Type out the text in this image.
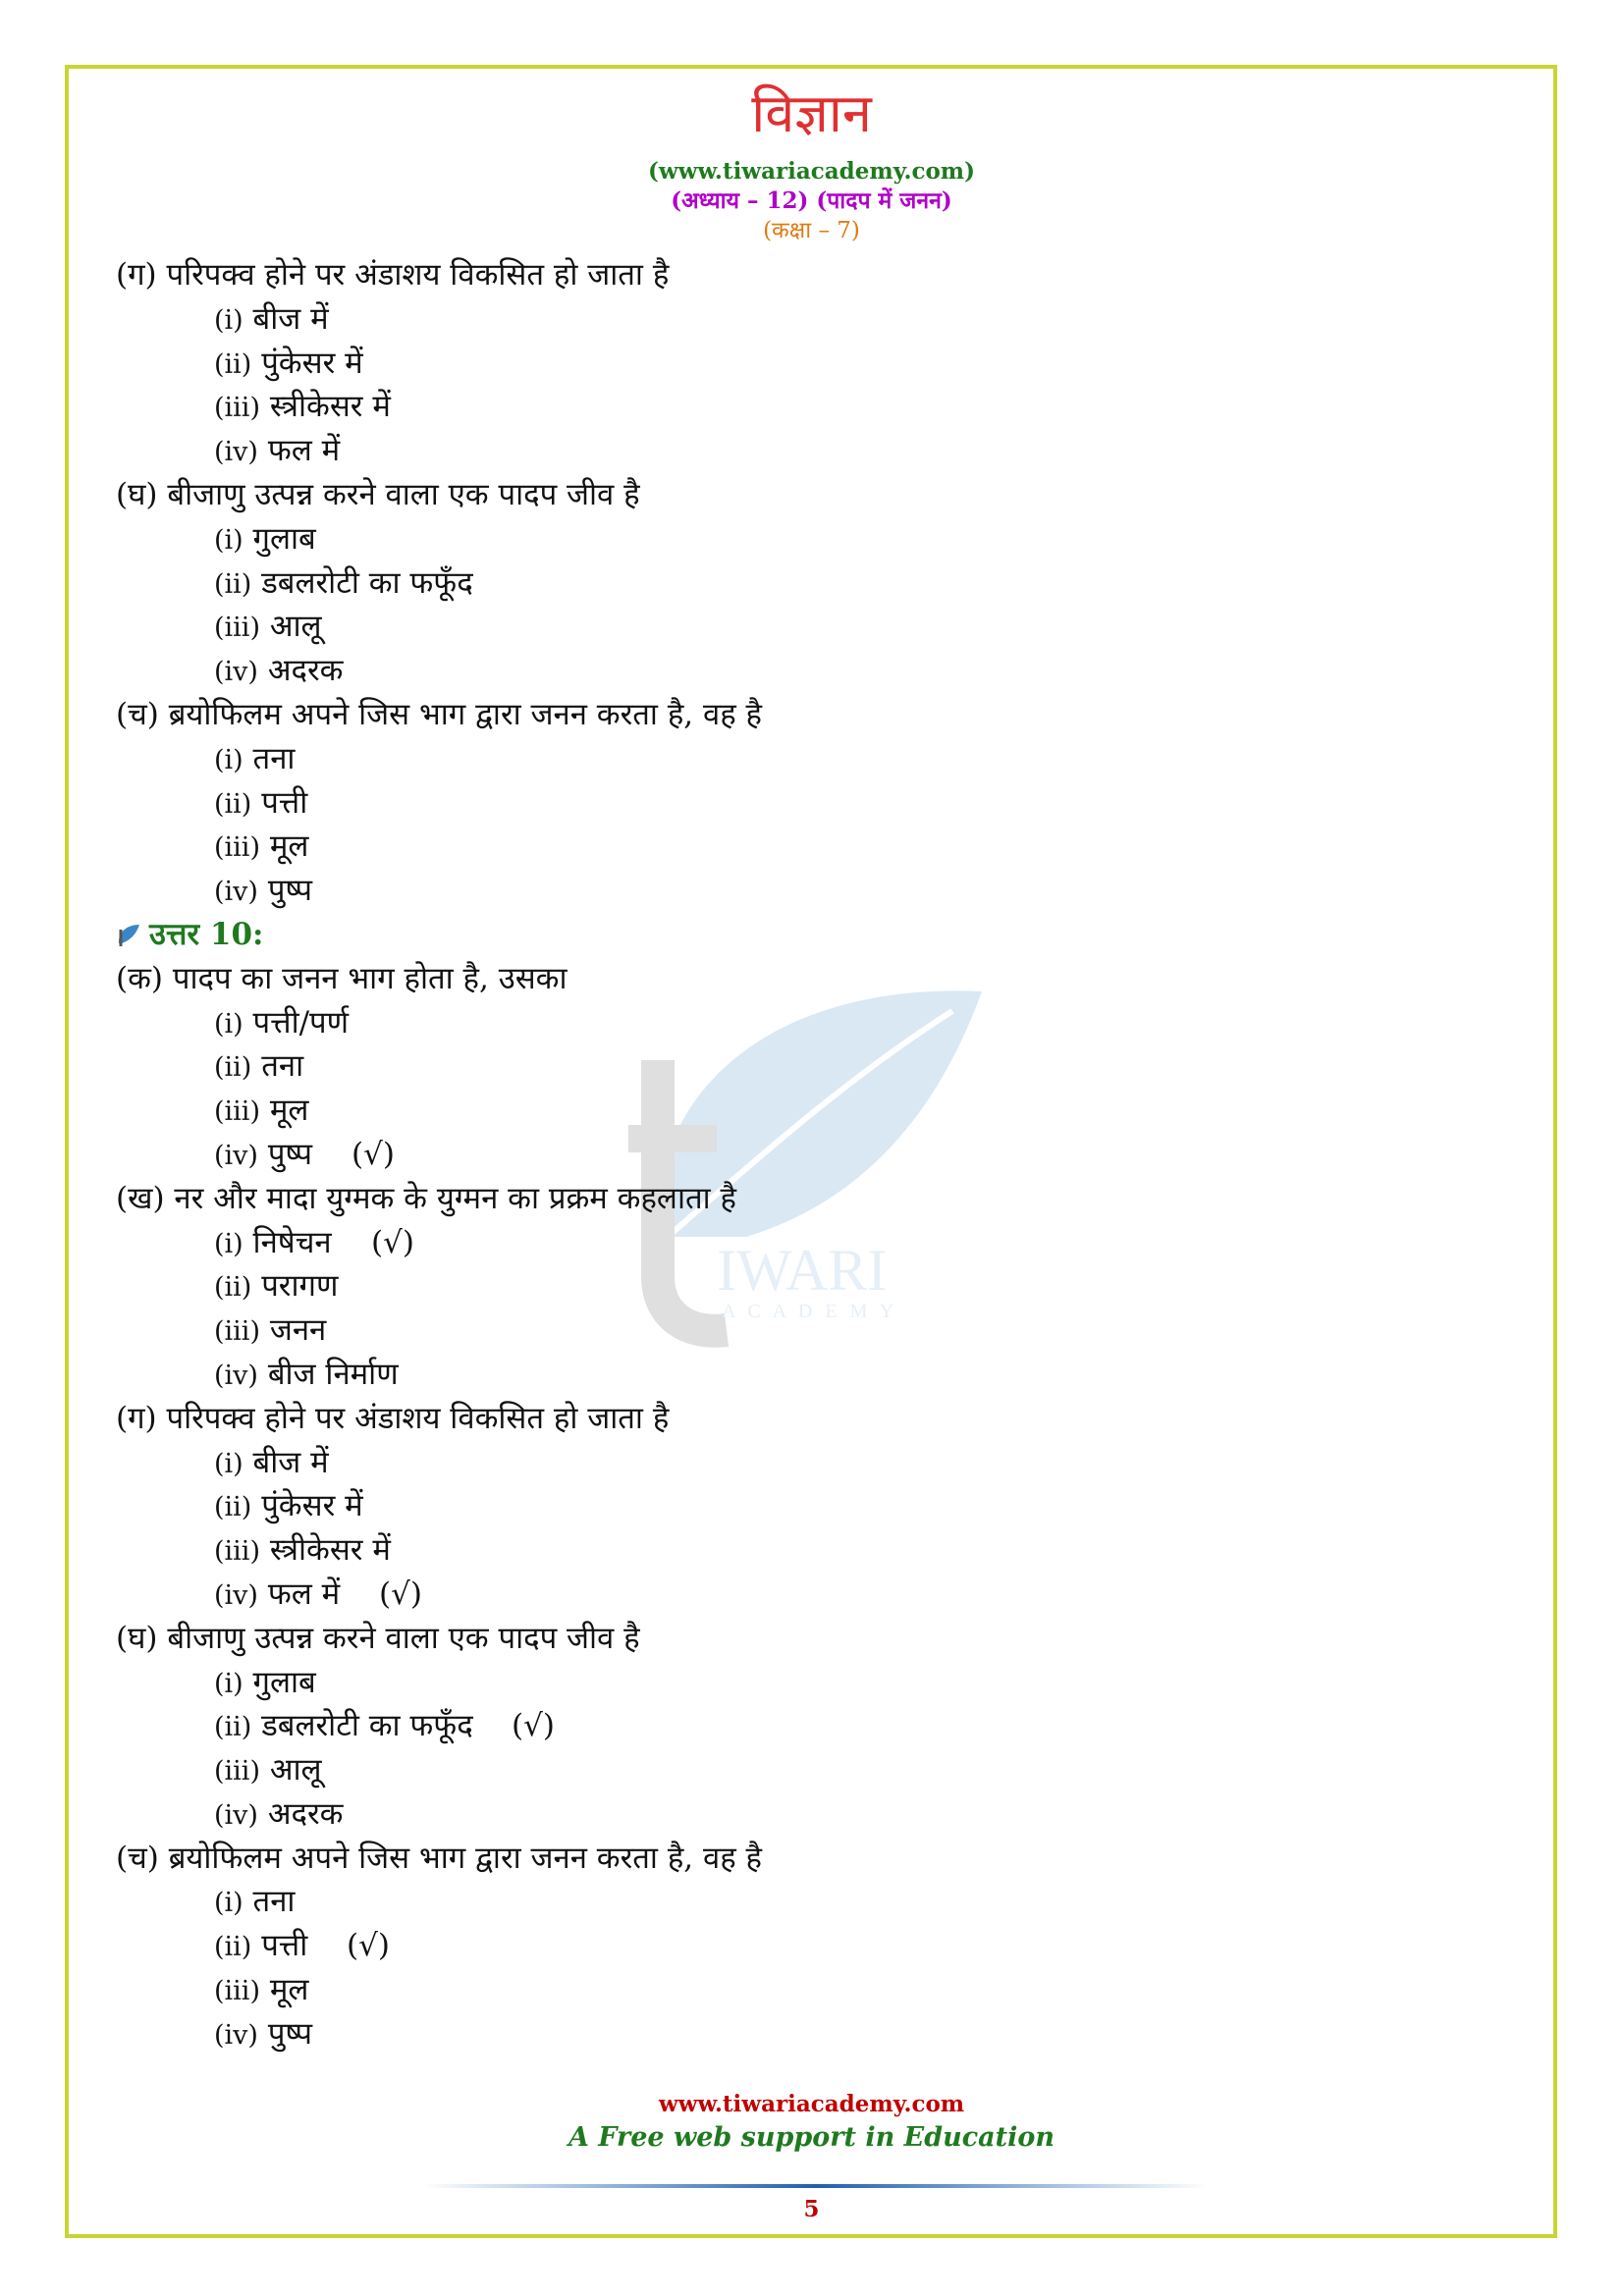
IWARI
A C A D E M Y
विज्ञान
(www.tiwariacademy.com)
(अध्याय – 12) (पादप में जनन)
(कक्षा – 7)
(ग) परिपक्व होने पर अंडाशय विकसित हो जाता है
(i) बीज में
(ii) पुंकेसर में
(iii) स्त्रीकेसर में
(iv) फल में
(घ) बीजाणु उत्पन्न करने वाला एक पादप जीव है
(i) गुलाब
(ii) डबलरोटी का फफूँद
(iii) आलू
(iv) अदरक
(च) ब्रयोफिलम अपने जिस भाग द्वारा जनन करता है, वह है
(i) तना
(ii) पत्ती
(iii) मूल
(iv) पुष्प
उत्तर 10:
(क) पादप का जनन भाग होता है, उसका
(i) पत्ती/पर्ण
(ii) तना
(iii) मूल
(iv) पुष्प (√)
(ख) नर और मादा युग्मक के युग्मन का प्रक्रम कहलाता है
(i) निषेचन (√)
(ii) परागण
(iii) जनन
(iv) बीज निर्माण
(ग) परिपक्व होने पर अंडाशय विकसित हो जाता है
(i) बीज में
(ii) पुंकेसर में
(iii) स्त्रीकेसर में
(iv) फल में (√)
(घ) बीजाणु उत्पन्न करने वाला एक पादप जीव है
(i) गुलाब
(ii) डबलरोटी का फफूँद (√)
(iii) आलू
(iv) अदरक
(च) ब्रयोफिलम अपने जिस भाग द्वारा जनन करता है, वह है
(i) तना
(ii) पत्ती (√)
(iii) मूल
(iv) पुष्प
www.tiwariacademy.com
A Free web support in Education
5
